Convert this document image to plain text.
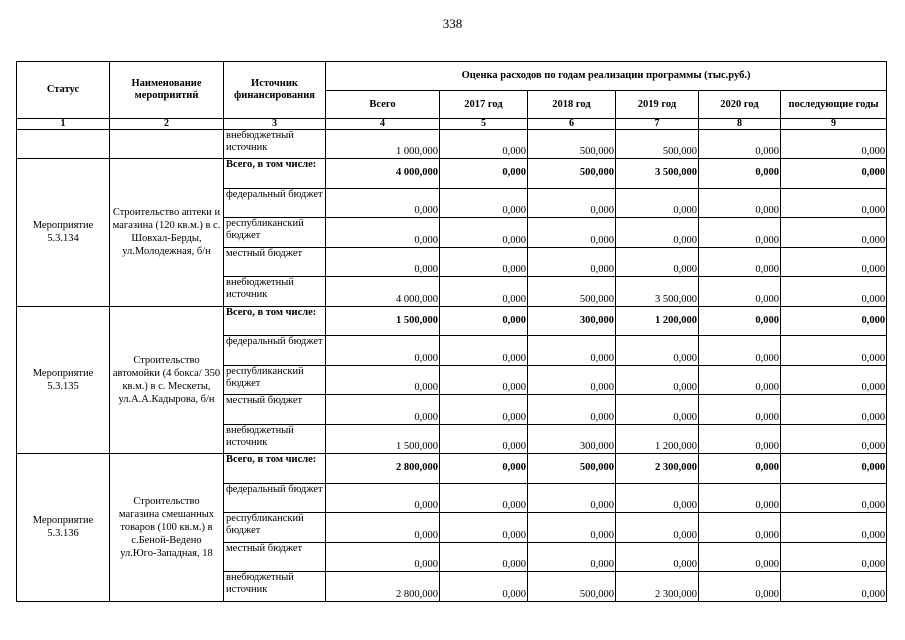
338
Статус	Наименование мероприятий	Источник финансирования	Оценка расходов по годам реализации программы (тыс.руб.)					
			Всего	2017 год	2018 год	2019 год	2020 год	последующие годы
1	2	3	4	5	6	7	8	9
		внебюджетный источник	1 000,000	0,000	500,000	500,000	0,000	0,000
Мероприятие 5.3.134	Строительство аптеки и магазина (120 кв.м.) в с. Шовхал-Берды, ул.Молодежная, б/н	Всего, в том числе:	4 000,000	0,000	500,000	3 500,000	0,000	0,000
		федеральный бюджет	0,000	0,000	0,000	0,000	0,000	0,000
		республиканский бюджет	0,000	0,000	0,000	0,000	0,000	0,000
		местный бюджет	0,000	0,000	0,000	0,000	0,000	0,000
		внебюджетный источник	4 000,000	0,000	500,000	3 500,000	0,000	0,000
Мероприятие 5.3.135	Строительство автомойки (4 бокса/ 350 кв.м.) в с. Мескеты, ул.А.А.Кадырова, б/н	Всего, в том числе:	1 500,000	0,000	300,000	1 200,000	0,000	0,000
		федеральный бюджет	0,000	0,000	0,000	0,000	0,000	0,000
		республиканский бюджет	0,000	0,000	0,000	0,000	0,000	0,000
		местный бюджет	0,000	0,000	0,000	0,000	0,000	0,000
		внебюджетный источник	1 500,000	0,000	300,000	1 200,000	0,000	0,000
Мероприятие 5.3.136	Строительство магазина смешанных товаров (100 кв.м.) в с.Беной-Ведено ул.Юго-Западная, 18	Всего, в том числе:	2 800,000	0,000	500,000	2 300,000	0,000	0,000
		федеральный бюджет	0,000	0,000	0,000	0,000	0,000	0,000
		республиканский бюджет	0,000	0,000	0,000	0,000	0,000	0,000
		местный бюджет	0,000	0,000	0,000	0,000	0,000	0,000
		внебюджетный источник	2 800,000	0,000	500,000	2 300,000	0,000	0,000
